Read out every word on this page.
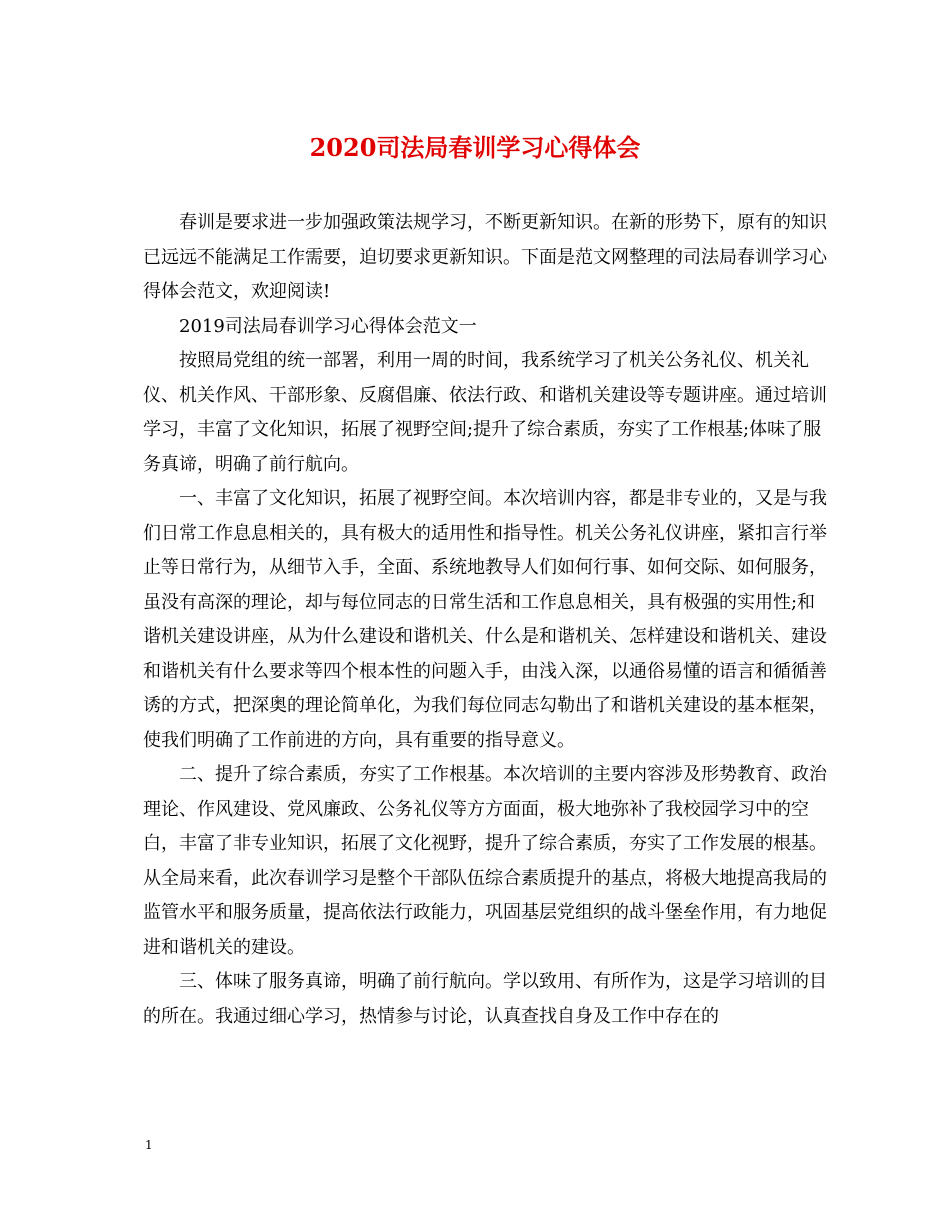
2020司法局春训学习心得体会

春训是要求进一步加强政策法规学习，不断更新知识。在新的形势下，原有的知识已远远不能满足工作需要，迫切要求更新知识。下面是范文网整理的司法局春训学习心得体会范文，欢迎阅读!

2019司法局春训学习心得体会范文一

按照局党组的统一部署，利用一周的时间，我系统学习了机关公务礼仪、机关礼仪、机关作风、干部形象、反腐倡廉、依法行政、和谐机关建设等专题讲座。通过培训学习，丰富了文化知识，拓展了视野空间;提升了综合素质，夯实了工作根基;体味了服务真谛，明确了前行航向。

一、丰富了文化知识，拓展了视野空间。本次培训内容，都是非专业的，又是与我们日常工作息息相关的，具有极大的适用性和指导性。机关公务礼仪讲座，紧扣言行举止等日常行为，从细节入手，全面、系统地教导人们如何行事、如何交际、如何服务，虽没有高深的理论，却与每位同志的日常生活和工作息息相关，具有极强的实用性;和谐机关建设讲座，从为什么建设和谐机关、什么是和谐机关、怎样建设和谐机关、建设和谐机关有什么要求等四个根本性的问题入手，由浅入深，以通俗易懂的语言和循循善诱的方式，把深奥的理论简单化，为我们每位同志勾勒出了和谐机关建设的基本框架，使我们明确了工作前进的方向，具有重要的指导意义。

二、提升了综合素质，夯实了工作根基。本次培训的主要内容涉及形势教育、政治理论、作风建设、党风廉政、公务礼仪等方方面面，极大地弥补了我校园学习中的空白，丰富了非专业知识，拓展了文化视野，提升了综合素质，夯实了工作发展的根基。从全局来看，此次春训学习是整个干部队伍综合素质提升的基点，将极大地提高我局的监管水平和服务质量，提高依法行政能力，巩固基层党组织的战斗堡垒作用，有力地促进和谐机关的建设。

三、体味了服务真谛，明确了前行航向。学以致用、有所作为，这是学习培训的目的所在。我通过细心学习，热情参与讨论，认真查找自身及工作中存在的

1
